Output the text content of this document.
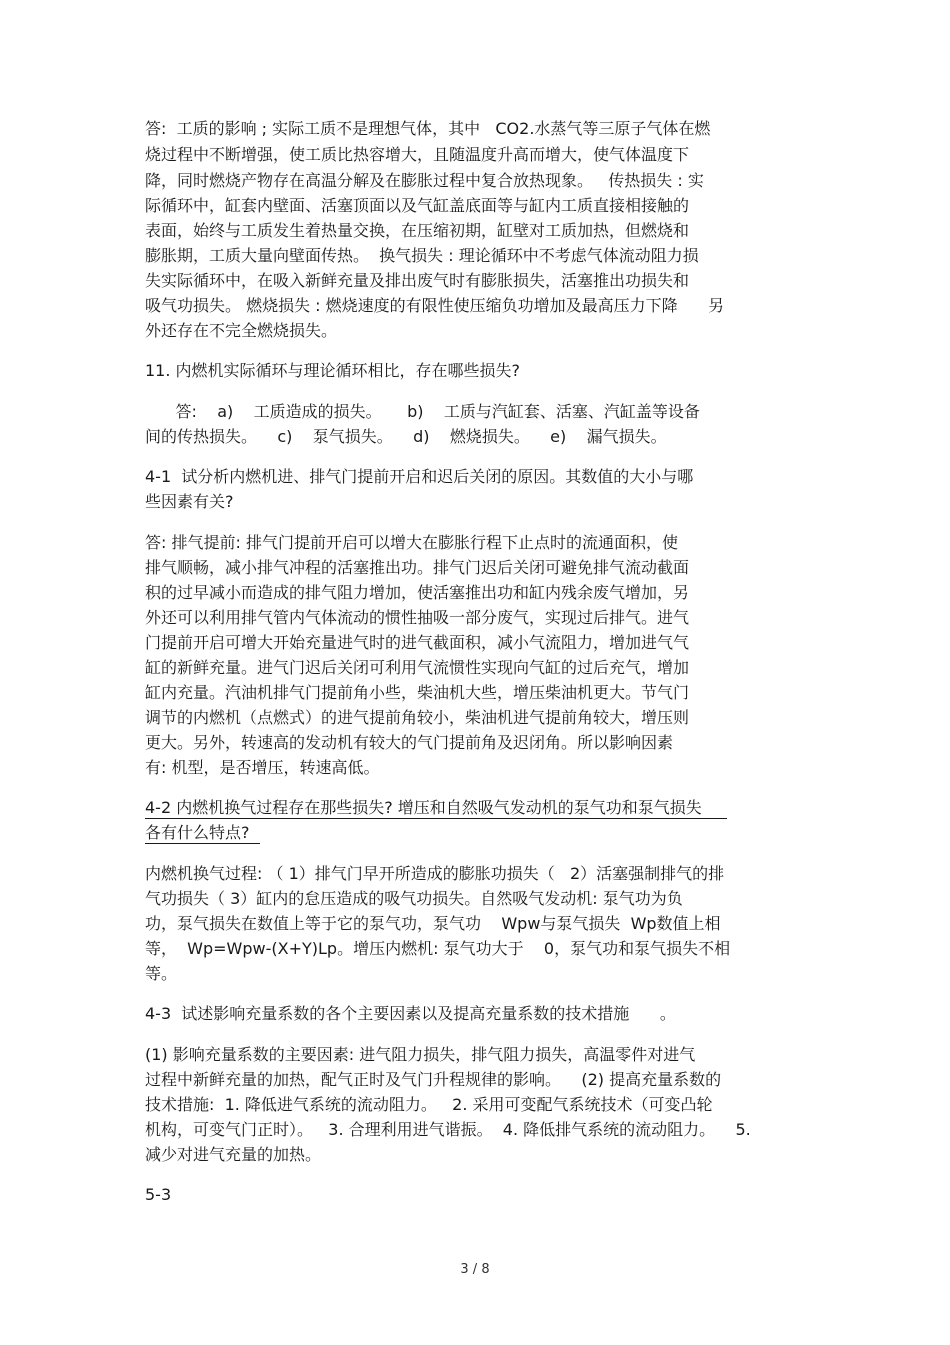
答:  工质的影响 ; 实际工质不是理想气体，其中   CO2.水蒸气等三原子气体在燃

烧过程中不断增强，使工质比热容增大，且随温度升高而增大，使气体温度下

降，同时燃烧产物存在高温分解及在膨胀过程中复合放热现象。   传热损失 : 实

际循环中，缸套内壁面、活塞顶面以及气缸盖底面等与缸内工质直接相接触的

表面，始终与工质发生着热量交换，在压缩初期，缸壁对工质加热，但燃烧和

膨胀期，工质大量向壁面传热。  换气损失 : 理论循环中不考虑气体流动阻力损

失实际循环中，在吸入新鲜充量及排出废气时有膨胀损失，活塞推出功损失和

吸气功损失。 燃烧损失 : 燃烧速度的有限性使压缩负功增加及最高压力下降      另

外还存在不完全燃烧损失。

11. 内燃机实际循环与理论循环相比，存在哪些损失?

答:    a)    工质造成的损失。     b)    工质与汽缸套、活塞、汽缸盖等设备

间的传热损失。    c)    泵气损失。    d)    燃烧损失。    e)    漏气损失。

4-1  试分析内燃机进、排气门提前开启和迟后关闭的原因。其数值的大小与哪

些因素有关?

答: 排气提前: 排气门提前开启可以增大在膨胀行程下止点时的流通面积，使

排气顺畅，减小排气冲程的活塞推出功。排气门迟后关闭可避免排气流动截面

积的过早减小而造成的排气阻力增加，使活塞推出功和缸内残余废气增加，另

外还可以利用排气管内气体流动的惯性抽吸一部分废气，实现过后排气。进气

门提前开启可增大开始充量进气时的进气截面积，减小气流阻力，增加进气气

缸的新鲜充量。进气门迟后关闭可利用气流惯性实现向气缸的过后充气，增加

缸内充量。汽油机排气门提前角小些，柴油机大些，增压柴油机更大。节气门

调节的内燃机（点燃式）的进气提前角较小，柴油机进气提前角较大，增压则

更大。另外，转速高的发动机有较大的气门提前角及迟闭角。所以影响因素

有: 机型，是否增压，转速高低。

4-2 内燃机换气过程存在那些损失? 增压和自然吸气发动机的泵气功和泵气损失

各有什么特点?

内燃机换气过程: （ 1）排气门早开所造成的膨胀功损失（   2）活塞强制排气的排

气功损失（ 3）缸内的怠压造成的吸气功损失。自然吸气发动机: 泵气功为负

功，泵气损失在数值上等于它的泵气功，泵气功    Wpw与泵气损失  Wp数值上相

等，  Wp=Wpw-(X+Y)Lp。增压内燃机: 泵气功大于    0，泵气功和泵气损失不相

等。

4-3  试述影响充量系数的各个主要因素以及提高充量系数的技术措施      。

(1) 影响充量系数的主要因素: 进气阻力损失，排气阻力损失，高温零件对进气

过程中新鲜充量的加热，配气正时及气门升程规律的影响。    (2) 提高充量系数的

技术措施:  1. 降低进气系统的流动阻力。   2. 采用可变配气系统技术（可变凸轮

机构，可变气门正时）。   3. 合理利用进气谐振。  4. 降低排气系统的流动阻力。    5.

减少对进气充量的加热。

5-3

3 / 8
